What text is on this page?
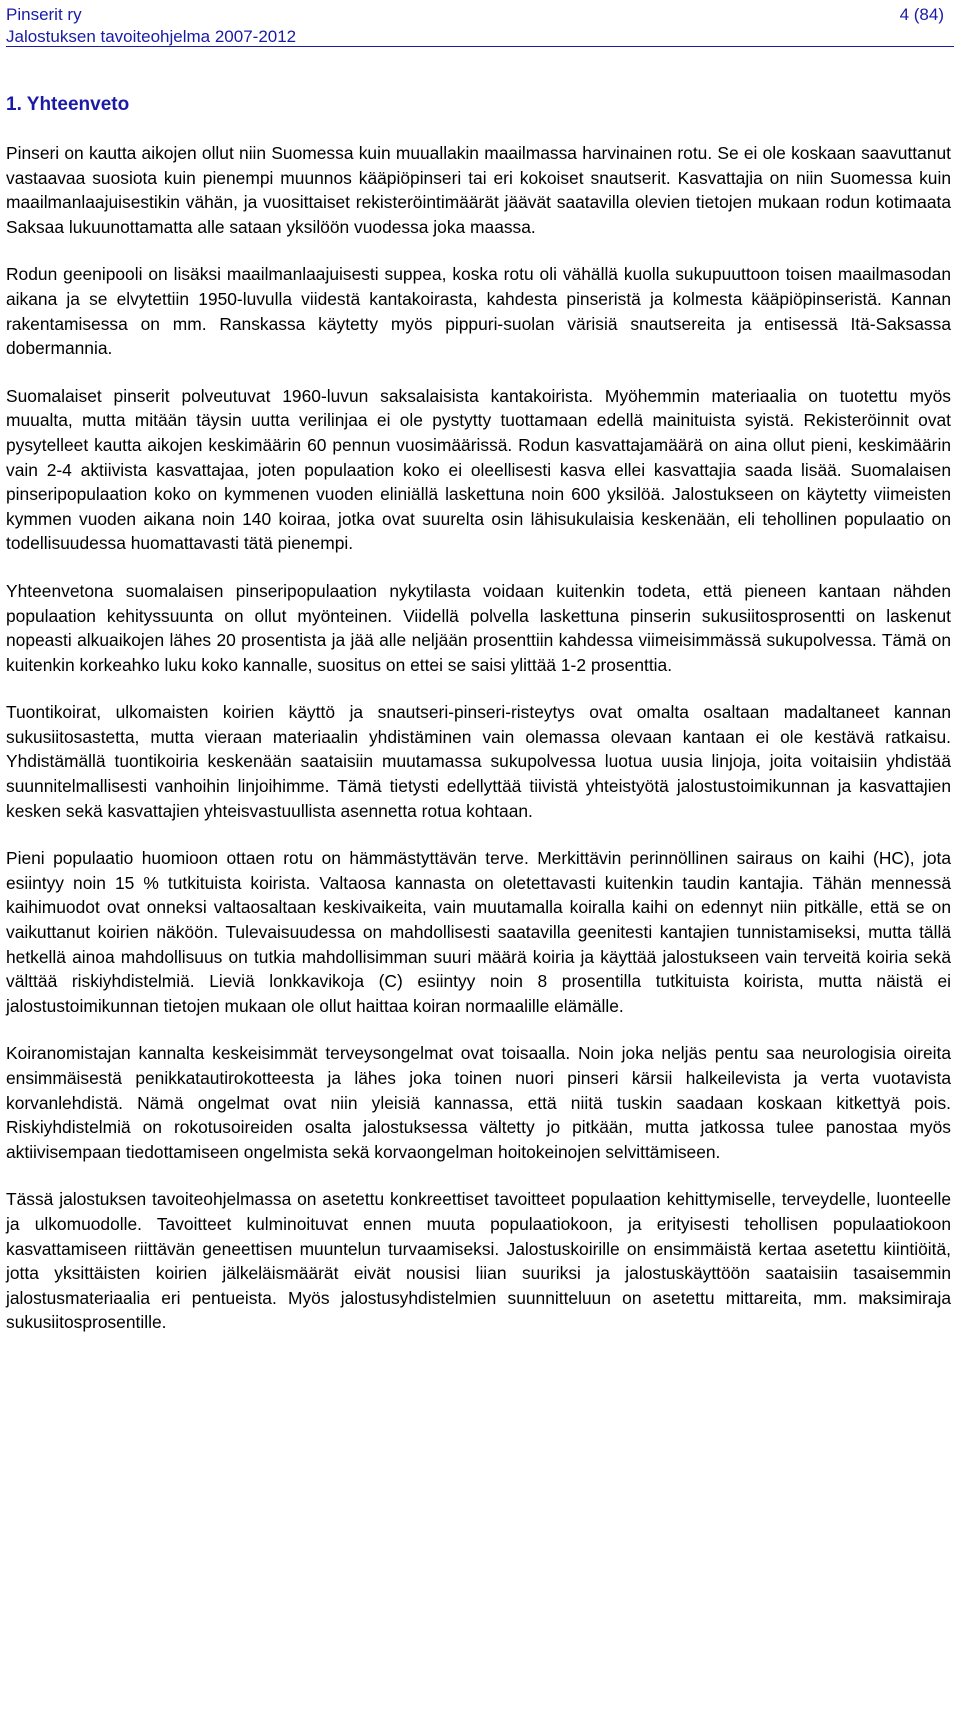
Pinserit ry
Jalostuksen tavoiteohjelma 2007-2012
4 (84)
1. Yhteenveto

Pinseri on kautta aikojen ollut niin Suomessa kuin muuallakin maailmassa harvinainen rotu. Se ei ole koskaan saavuttanut vastaavaa suosiota kuin pienempi muunnos kääpiöpinseri tai eri kokoiset snautserit. Kasvattajia on niin Suomessa kuin maailmanlaajuisestikin vähän, ja vuosittaiset rekisteröintimäärät jäävät saatavilla olevien tietojen mukaan rodun kotimaata Saksaa lukuunottamatta alle sataan yksilöön vuodessa joka maassa.

Rodun geenipooli on lisäksi maailmanlaajuisesti suppea, koska rotu oli vähällä kuolla sukupuuttoon toisen maailmasodan aikana ja se elvytettiin 1950-luvulla viidestä kantakoirasta, kahdesta pinseristä ja kolmesta kääpiöpinseristä. Kannan rakentamisessa on mm. Ranskassa käytetty myös pippuri-suolan värisiä snautsereita ja entisessä Itä-Saksassa dobermannia.

Suomalaiset pinserit polveutuvat 1960-luvun saksalaisista kantakoirista. Myöhemmin materiaalia on tuotettu myös muualta, mutta mitään täysin uutta verilinjaa ei ole pystytty tuottamaan edellä mainituista syistä. Rekisteröinnit ovat pysytelleet kautta aikojen keskimäärin 60 pennun vuosimäärissä. Rodun kasvattajamäärä on aina ollut pieni, keskimäärin vain 2-4 aktiivista kasvattajaa, joten populaation koko ei oleellisesti kasva ellei kasvattajia saada lisää. Suomalaisen pinseripopulaation koko on kymmenen vuoden eliniällä laskettuna noin 600 yksilöä. Jalostukseen on käytetty viimeisten kymmen vuoden aikana noin 140 koiraa, jotka ovat suurelta osin lähisukulaisia keskenään, eli tehollinen populaatio on todellisuudessa huomattavasti tätä pienempi.

Yhteenvetona suomalaisen pinseripopulaation nykytilasta voidaan kuitenkin todeta, että pieneen kantaan nähden populaation kehityssuunta on ollut myönteinen. Viidellä polvella laskettuna pinserin sukusiitosprosentti on laskenut nopeasti alkuaikojen lähes 20 prosentista ja jää alle neljään prosenttiin kahdessa viimeisimmässä sukupolvessa. Tämä on kuitenkin korkeahko luku koko kannalle, suositus on ettei se saisi ylittää 1-2 prosenttia.

Tuontikoirat, ulkomaisten koirien käyttö ja snautseri-pinseri-risteytys ovat omalta osaltaan madaltaneet kannan sukusiitosastetta, mutta vieraan materiaalin yhdistäminen vain olemassa olevaan kantaan ei ole kestävä ratkaisu. Yhdistämällä tuontikoiria keskenään saataisiin muutamassa sukupolvessa luotua uusia linjoja, joita voitaisiin yhdistää suunnitelmallisesti vanhoihin linjoihimme. Tämä tietysti edellyttää tiivistä yhteistyötä jalostustoimikunnan ja kasvattajien kesken sekä kasvattajien yhteisvastuullista asennetta rotua kohtaan.

Pieni populaatio huomioon ottaen rotu on hämmästyttävän terve. Merkittävin perinnöllinen sairaus on kaihi (HC), jota esiintyy noin 15 % tutkituista koirista. Valtaosa kannasta on oletettavasti kuitenkin taudin kantajia. Tähän mennessä kaihimuodot ovat onneksi valtaosaltaan keskivaikeita, vain muutamalla koiralla kaihi on edennyt niin pitkälle, että se on vaikuttanut koirien näköön. Tulevaisuudessa on mahdollisesti saatavilla geenitesti kantajien tunnistamiseksi, mutta tällä hetkellä ainoa mahdollisuus on tutkia mahdollisimman suuri määrä koiria ja käyttää jalostukseen vain terveitä koiria sekä välttää riskiyhdistelmiä. Lieviä lonkkavikoja (C) esiintyy noin 8 prosentilla tutkituista koirista, mutta näistä ei jalostustoimikunnan tietojen mukaan ole ollut haittaa koiran normaalille elämälle.

Koiranomistajan kannalta keskeisimmät terveysongelmat ovat toisaalla. Noin joka neljäs pentu saa neurologisia oireita ensimmäisestä penikkatautirokotteesta ja lähes joka toinen nuori pinseri kärsii halkeilevista ja verta vuotavista korvanlehdistä. Nämä ongelmat ovat niin yleisiä kannassa, että niitä tuskin saadaan koskaan kitkettyä pois. Riskiyhdistelmiä on rokotusoireiden osalta jalostuksessa vältetty jo pitkään, mutta jatkossa tulee panostaa myös aktiivisempaan tiedottamiseen ongelmista sekä korvaongelman hoitokeinojen selvittämiseen.

Tässä jalostuksen tavoiteohjelmassa on asetettu konkreettiset tavoitteet populaation kehittymiselle, terveydelle, luonteelle ja ulkomuodolle. Tavoitteet kulminoituvat ennen muuta populaatiokoon, ja erityisesti tehollisen populaatiokoon kasvattamiseen riittävän geneettisen muuntelun turvaamiseksi. Jalostuskoirille on ensimmäistä kertaa asetettu kiintiöitä, jotta yksittäisten koirien jälkeläismäärät eivät nousisi liian suuriksi ja jalostuskäyttöön saataisiin tasaisemmin jalostusmateriaalia eri pentueista. Myös jalostusyhdistelmien suunnitteluun on asetettu mittareita, mm. maksimiraja sukusiitosprosentille.
